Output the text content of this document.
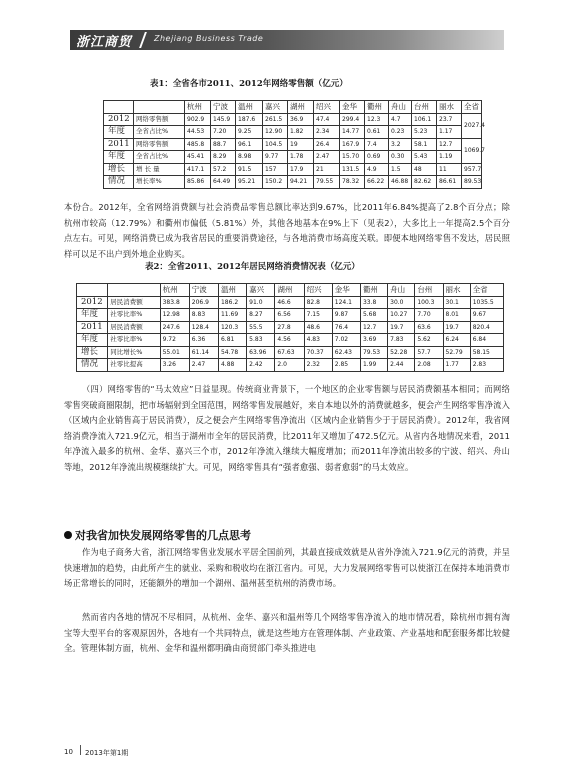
浙江商贸	Zhejiang Business Trade
表1：全省各市2011、2012年网络零售额（亿元）
		杭州	宁波	温州	嘉兴	湖州	绍兴	金华	衢州	舟山	台州	丽水	全省
2012	网络零售额	902.9	145.9	187.6	261.5	36.9	47.4	299.4	12.3	4.7	106.1	23.7	2027.4
年度	全省占比%	44.53	7.20	9.25	12.90	1.82	2.34	14.77	0.61	0.23	5.23	1.17	
2011	网络零售额	485.8	88.7	96.1	104.5	19	26.4	167.9	7.4	3.2	58.1	12.7	1069.7
年度	全省占比%	45.41	8.29	8.98	9.77	1.78	2.47	15.70	0.69	0.30	5.43	1.19	
增长	增 长 量	417.1	57.2	91.5	157	17.9	21	131.5	4.9	1.5	48	11	957.7
情况	增长率%	85.86	64.49	95.21	150.2	94.21	79.55	78.32	66.22	46.88	82.62	86.61	89.53

本份合。2012年，全省网络消费额与社会消费品零售总额比率达到9.67%，比2011年6.84%提高了2.8个百分点；除杭州市较高（12.79%）和衢州市偏低（5.81%）外，其他各地基本在9%上下（见表2），大多比上一年提高2.5个百分点左右。可见，网络消费已成为我省居民的重要消费途径，与各地消费市场高度关联。即便本地网络零售不发达，居民照样可以足不出户到外地企业购买。

表2：全省2011、2012年居民网络消费情况表（亿元）
		杭州	宁波	温州	嘉兴	湖州	绍兴	金华	衢州	舟山	台州	丽水	全省
2012	居民消费额	383.8	206.9	186.2	91.0	46.6	82.8	124.1	33.8	30.0	100.3	30.1	1035.5
年度	社零比率%	12.98	8.83	11.69	8.27	6.56	7.15	9.87	5.68	10.27	7.70	8.01	9.67
2011	居民消费额	247.6	128.4	120.3	55.5	27.8	48.6	76.4	12.7	19.7	63.6	19.7	820.4
年度	社零比率%	9.72	6.36	6.81	5.83	4.56	4.83	7.02	3.69	7.83	5.62	6.24	6.84
增长	同比增长%	55.01	61.14	54.78	63.96	67.63	70.37	62.43	79.53	52.28	57.7	52.79	58.15
情况	社零比提高	3.26	2.47	4.88	2.42	2.0	2.32	2.85	1.99	2.44	2.08	1.77	2.83

（四）网络零售的“马太效应”日益显现。传统商业背景下，一个地区的企业零售额与居民消费额基本相同；而网络零售突破商圈限制，把市场辐射到全国范围，网络零售发展越好，来自本地以外的消费就越多，便会产生网络零售净流入（区域内企业销售高于居民消费），反之便会产生网络零售净流出（区域内企业销售少于于居民消费）。2012年，我省网络消费净流入721.9亿元，相当于湖州市全年的居民消费，比2011年又增加了472.5亿元。从省内各地情况来看，2011年净流入最多的杭州、金华、嘉兴三个市，2012年净流入继续大幅度增加；而2011年净流出较多的宁波、绍兴、舟山等地，2012年净流出规模继续扩大。可见，网络零售具有“强者愈强、弱者愈弱”的马太效应。

对我省加快发展网络零售的几点思考

作为电子商务大省，浙江网络零售业发展水平居全国前列，其最直接成效就是从省外净流入721.9亿元的消费，并呈快速增加的趋势，由此所产生的就业、采购和税收均在浙江省内。可见，大力发展网络零售可以使浙江在保持本地消费市场正常增长的同时，还能额外的增加一个湖州、温州甚至杭州的消费市场。

然而省内各地的情况不尽相同，从杭州、金华、嘉兴和温州等几个网络零售净流入的地市情况看，除杭州市拥有淘宝等大型平台的客观原因外，各地有一个共同特点，就是这些地方在管理体制、产业政策、产业基地和配套服务都比较健全。管理体制方面，杭州、金华和温州都明确由商贸部门牵头推进电

10 2013年第1期
